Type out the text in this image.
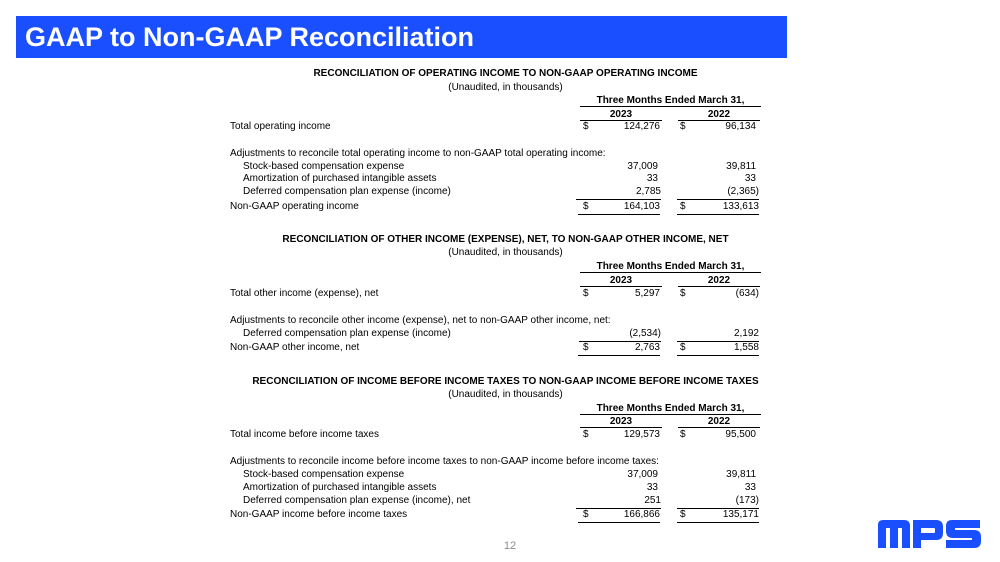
GAAP to Non-GAAP Reconciliation
RECONCILIATION OF OPERATING INCOME TO NON-GAAP OPERATING INCOME
(Unaudited, in thousands)
Three Months Ended March 31,
2023	2022
Total operating income	$	124,276 $	96,134
Adjustments to reconcile total operating income to non-GAAP total operating income:
Stock-based compensation expense	37,009	39,811
Amortization of purchased intangible assets	33	33
Deferred compensation plan expense (income)	2,785	(2,365)
Non-GAAP operating income	$	164,103 $	133,613
RECONCILIATION OF OTHER INCOME (EXPENSE), NET, TO NON-GAAP OTHER INCOME, NET
(Unaudited, in thousands)
Three Months Ended March 31,
2023	2022
Total other income (expense), net	$	5,297 $	(634)
Adjustments to reconcile other income (expense), net to non-GAAP other income, net:
Deferred compensation plan expense (income)	(2,534)	2,192
Non-GAAP other income, net	$	2,763 $	1,558
RECONCILIATION OF INCOME BEFORE INCOME TAXES TO NON-GAAP INCOME BEFORE INCOME TAXES
(Unaudited, in thousands)
Three Months Ended March 31,
2023	2022
Total income before income taxes	$	129,573 $	95,500
Adjustments to reconcile income before income taxes to non-GAAP income before income taxes:
Stock-based compensation expense	37,009	39,811
Amortization of purchased intangible assets	33	33
Deferred compensation plan expense (income), net	251	(173)
Non-GAAP income before income taxes	$	166,866 $	135,171
12
